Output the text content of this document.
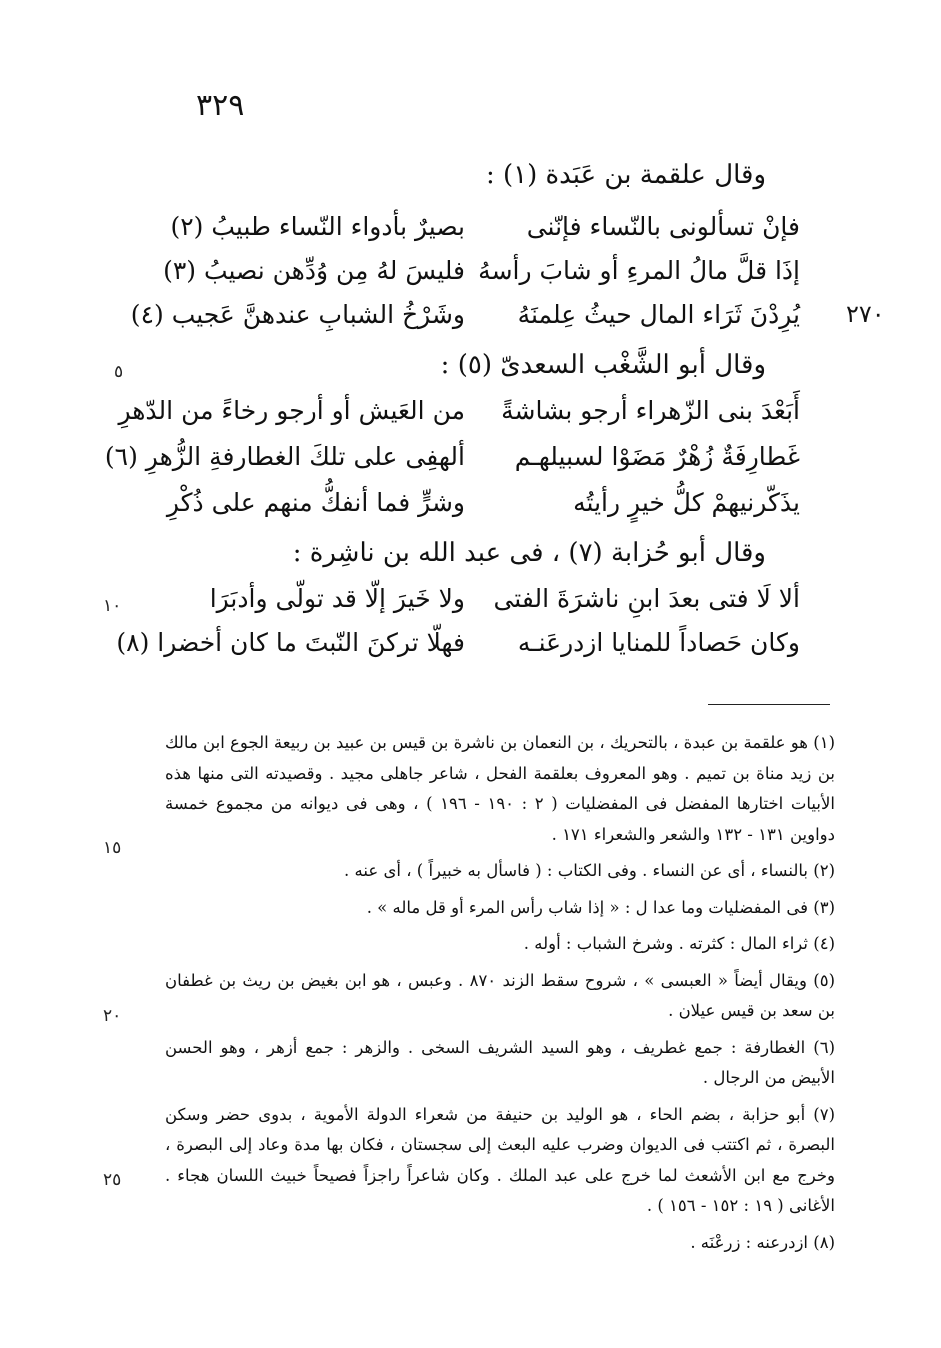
٣٢٩
وقال علقمة بن عَبَدة (١) :
فإنْ تسألونى بالنّساء فإنّنى
بصيرٌ بأدواء النّساء طبيبُ (٢)
إذَا قلَّ مالُ المرءِ أو شابَ رأسهُ
فليسَ لهُ مِن وُدِّهن نصيبُ (٣)
يُرِدْنَ ثَرَاء المال حيثُ عِلمنَهُ
وشَرْخُ الشبابِ عندهنَّ عَجيب (٤)	٢٧٠
وقال أبو الشَّغْب السعدىّ (٥) :
٥
أَبَعْدَ بنى الزّهراء أرجو بشاشةً
من العَيش أو أرجو رخاءً من الدّهرِ
غَطارِفَةٌ زُهْرٌ مَضَوْا لسبيلهـم
ألهفِى على تلكَ الغطارفةِ الزُّهرِ (٦)
يذَكّرنيهمْ كلُّ خيرٍ رأيتُه
وشرٍّ فما أنفكُّ منهم على ذُكْرِ
وقال أبو حُزابة (٧) ، فى عبد الله بن ناشِرة :
ألا لَا فتى بعدَ ابنِ ناشرَةَ الفتى
ولا خَيرَ إلّا قد تولّى وأدبَرَا
١٠
وكان حَصاداً للمنايا ازدرعَنـه
فهلّا تركنَ النّبتَ ما كان أخضرا (٨)

(١) هو علقمة بن عبدة ، بالتحريك ، بن النعمان بن ناشرة بن قيس بن عبيد بن ربيعة الجوع ابن مالك بن زيد مناة بن تميم . وهو المعروف بعلقمة الفحل ، شاعر جاهلى مجيد . وقصيدته التى منها هذه الأبيات اختارها المفضل فى المفضليات ( ٢ : ١٩٠ - ١٩٦ ) ، وهى فى ديوانه من مجموع خمسة دواوين ١٣١ - ١٣٢ والشعر والشعراء ١٧١ .

(٢) بالنساء ، أى عن النساء . وفى الكتاب : ( فاسأل به خبيراً ) ، أى عنه .

(٣) فى المفضليات وما عدا ل : « إذا شاب رأس المرء أو قل ماله » .

(٤) ثراء المال : كثرته . وشرخ الشباب : أوله .

(٥) ويقال أيضاً « العبسى » ، شروح سقط الزند ٨٧٠ . وعبس ، هو ابن بغيض بن ريث بن غطفان بن سعد بن قيس عيلان .

(٦) الغطارفة : جمع غطريف ، وهو السيد الشريف السخى . والزهر : جمع أزهر ، وهو الحسن الأبيض من الرجال .

(٧) أبو حزابة ، بضم الحاء ، هو الوليد بن حنيفة من شعراء الدولة الأموية ، بدوى حضر وسكن البصرة ، ثم اكتتب فى الديوان وضرب عليه البعث إلى سجستان ، فكان بها مدة وعاد إلى البصرة ، وخرج مع ابن الأشعث لما خرج على عبد الملك . وكان شاعراً راجزاً فصيحاً خبيث اللسان هجاء . الأغانى ( ١٩ : ١٥٢ - ١٥٦ ) .

(٨) ازدرعنه : زرعْنَه .

١٥
٢٠
٢٥
